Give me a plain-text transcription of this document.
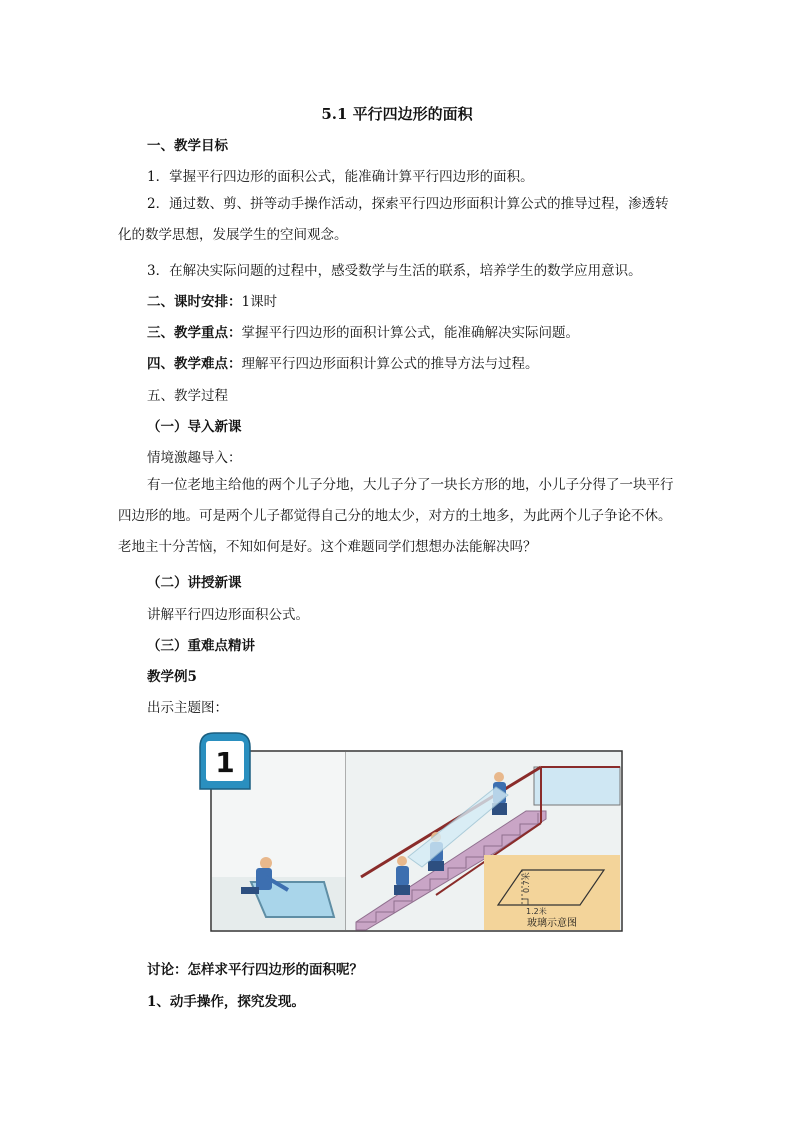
5.1 平行四边形的面积
一、教学目标
1．掌握平行四边形的面积公式，能准确计算平行四边形的面积。
2．通过数、剪、拼等动手操作活动，探索平行四边形面积计算公式的推导过程，渗透转化的数学思想，发展学生的空间观念。
3．在解决实际问题的过程中，感受数学与生活的联系，培养学生的数学应用意识。
二、课时安排：1课时
三、教学重点：掌握平行四边形的面积计算公式，能准确解决实际问题。
四、教学难点：理解平行四边形面积计算公式的推导方法与过程。
五、教学过程
（一）导入新课
情境激趣导入：
有一位老地主给他的两个儿子分地，大儿子分了一块长方形的地，小儿子分得了一块平行四边形的地。可是两个儿子都觉得自己分的地太少，对方的土地多，为此两个儿子争论不休。老地主十分苦恼，不知如何是好。这个难题同学们想想办法能解决吗？
（二）讲授新课
讲解平行四边形面积公式。
（三）重难点精讲
教学例5
出示主题图：
0.7米
1.2米
玻璃示意图
1
讨论：怎样求平行四边形的面积呢？
1、动手操作，探究发现。
